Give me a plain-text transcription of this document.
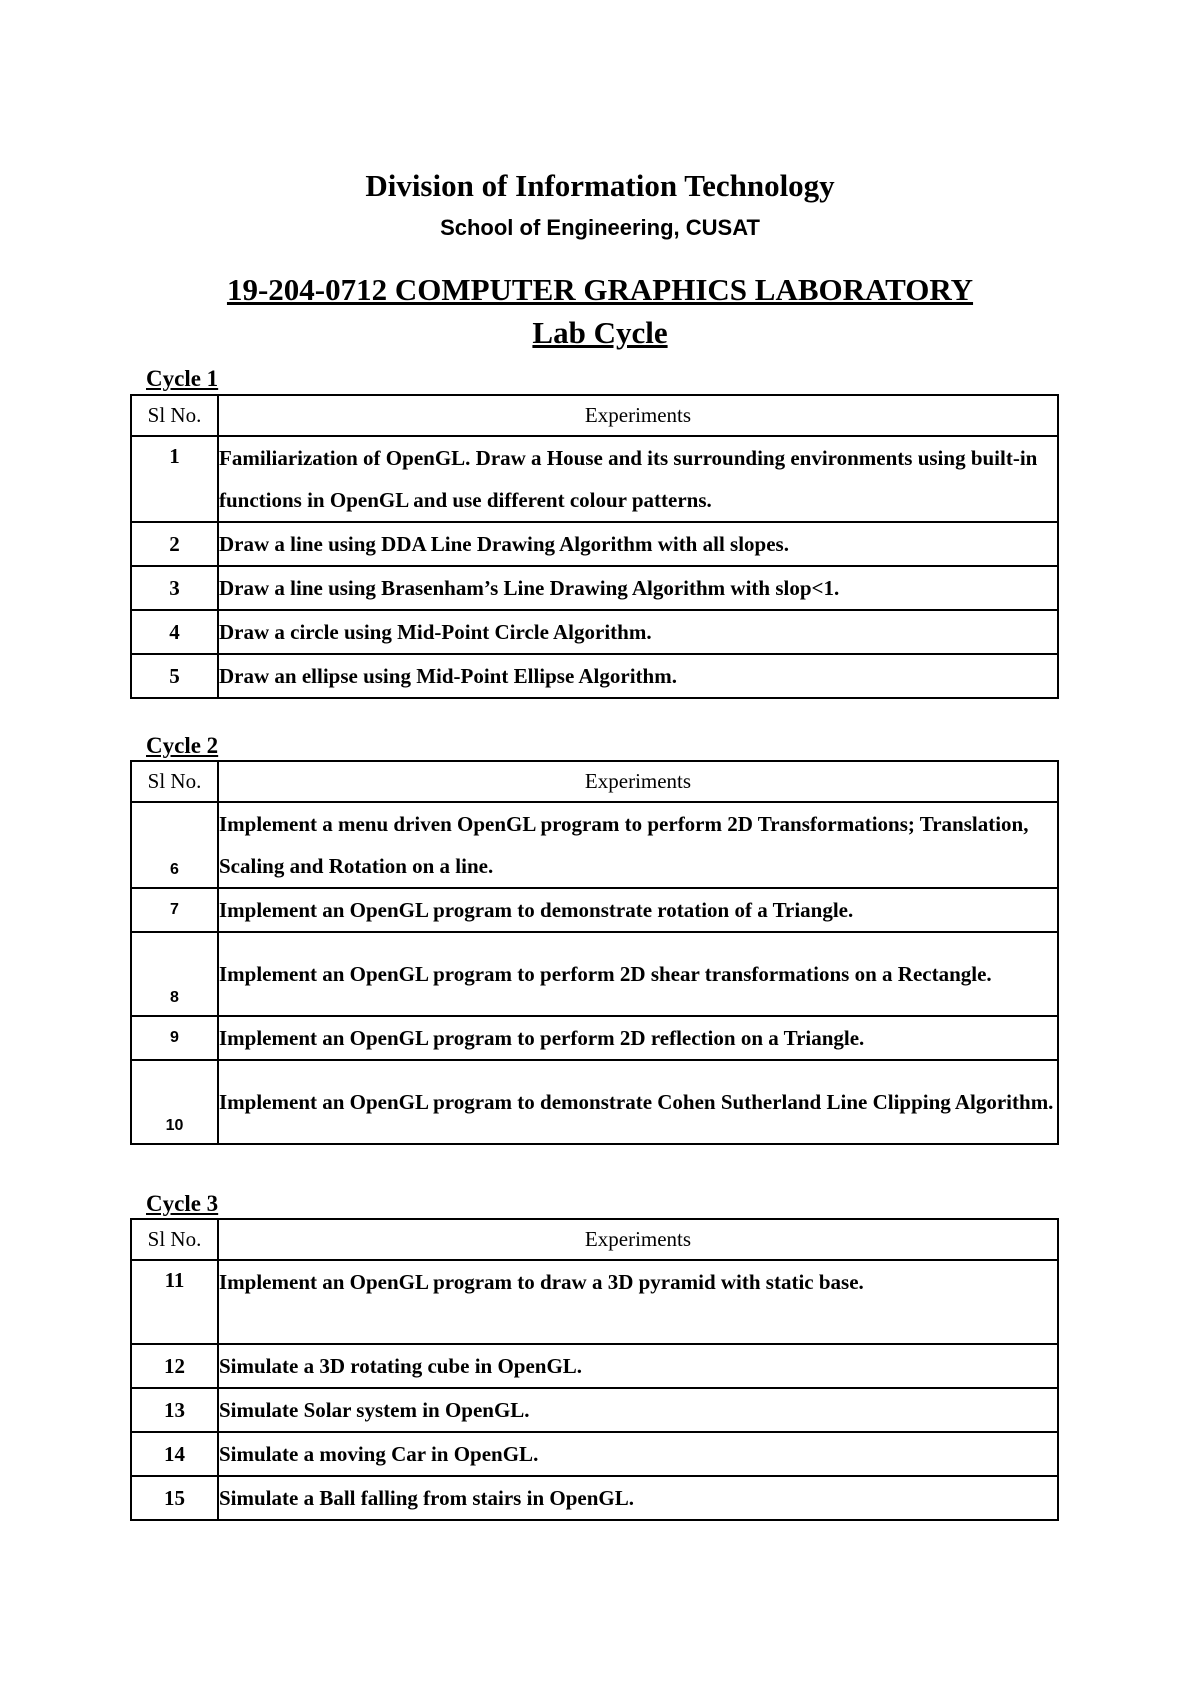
Division of Information Technology
School of Engineering, CUSAT
19-204-0712 COMPUTER GRAPHICS LABORATORY
Lab Cycle
Cycle 1
Sl No.	Experiments
1	Familiarization of OpenGL. Draw a House and its surrounding environments using built-in functions in OpenGL and use different colour patterns.
2	Draw a line using DDA Line Drawing Algorithm with all slopes.
3	Draw a line using Brasenham’s Line Drawing Algorithm with slop<1.
4	Draw a circle using Mid-Point Circle Algorithm.
5	Draw an ellipse using Mid-Point Ellipse Algorithm.
Cycle 2
Sl No.	Experiments
6	Implement a menu driven OpenGL program to perform 2D Transformations; Translation, Scaling and Rotation on a line.
7	Implement an OpenGL program to demonstrate rotation of a Triangle.
8	Implement an OpenGL program to perform 2D shear transformations on a Rectangle.
9	Implement an OpenGL program to perform 2D reflection on a Triangle.
10	Implement an OpenGL program to demonstrate Cohen Sutherland Line Clipping Algorithm.
Cycle 3
Sl No.	Experiments
11	Implement an OpenGL program to draw a 3D pyramid with static base.
12	Simulate a 3D rotating cube in OpenGL.
13	Simulate Solar system in OpenGL.
14	Simulate a moving Car in OpenGL.
15	Simulate a Ball falling from stairs in OpenGL.
